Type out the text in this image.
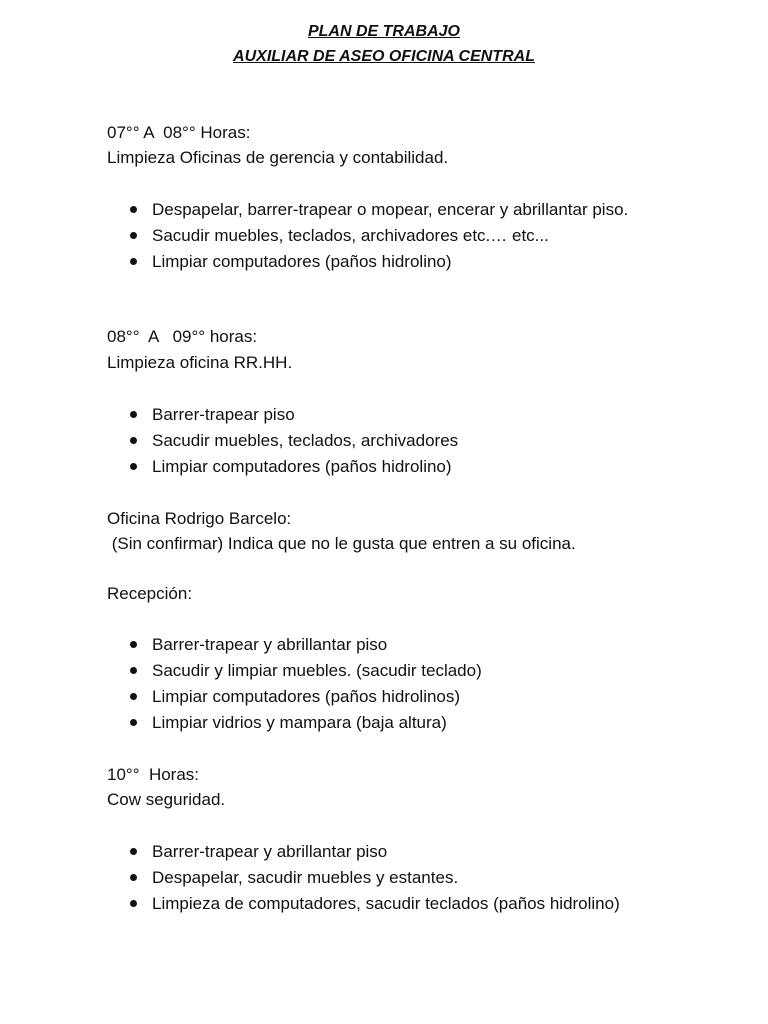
PLAN DE TRABAJO
AUXILIAR DE ASEO OFICINA CENTRAL
07°° A  08°° Horas:
Limpieza Oficinas de gerencia y contabilidad.
Despapelar, barrer-trapear o mopear, encerar y abrillantar piso.
Sacudir muebles, teclados, archivadores etc.… etc...
Limpiar computadores (paños hidrolino)
08°°  A   09°° horas:
Limpieza oficina RR.HH.
Barrer-trapear piso
Sacudir muebles, teclados, archivadores
Limpiar computadores (paños hidrolino)
Oficina Rodrigo Barcelo:
(Sin confirmar) Indica que no le gusta que entren a su oficina.
Recepción:
Barrer-trapear y abrillantar piso
Sacudir y limpiar muebles. (sacudir teclado)
Limpiar computadores (paños hidrolinos)
Limpiar vidrios y mampara (baja altura)
10°°  Horas:
Cow seguridad.
Barrer-trapear y abrillantar piso
Despapelar, sacudir muebles y estantes.
Limpieza de computadores, sacudir teclados (paños hidrolino)
